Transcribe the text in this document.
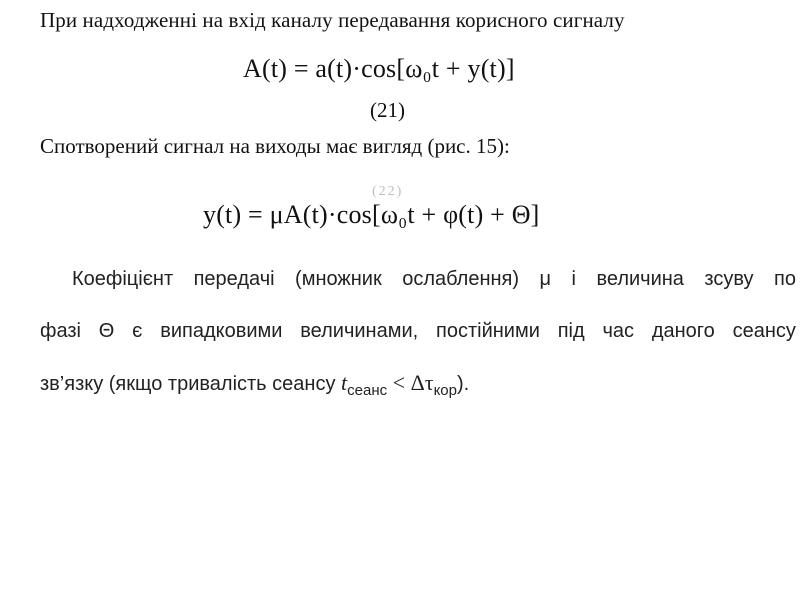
При надходженні на вхід каналу передавання корисного сигналу
A(t) = a(t)·cos[ω₀t + y(t)]
(21)
Спотворений сигнал на виходы має вигляд (рис. 15):
(22)
y(t) = μA(t)·cos[ω₀t + φ(t) + Θ]
Коефіцієнт передачі (множник ослаблення) μ і величина зсуву по
фазі Θ є випадковими величинами, постійними під час даного сеансу
зв’язку (якщо тривалість сеансу $t_{сеанс} < \Delta\tau_{кор}$).
